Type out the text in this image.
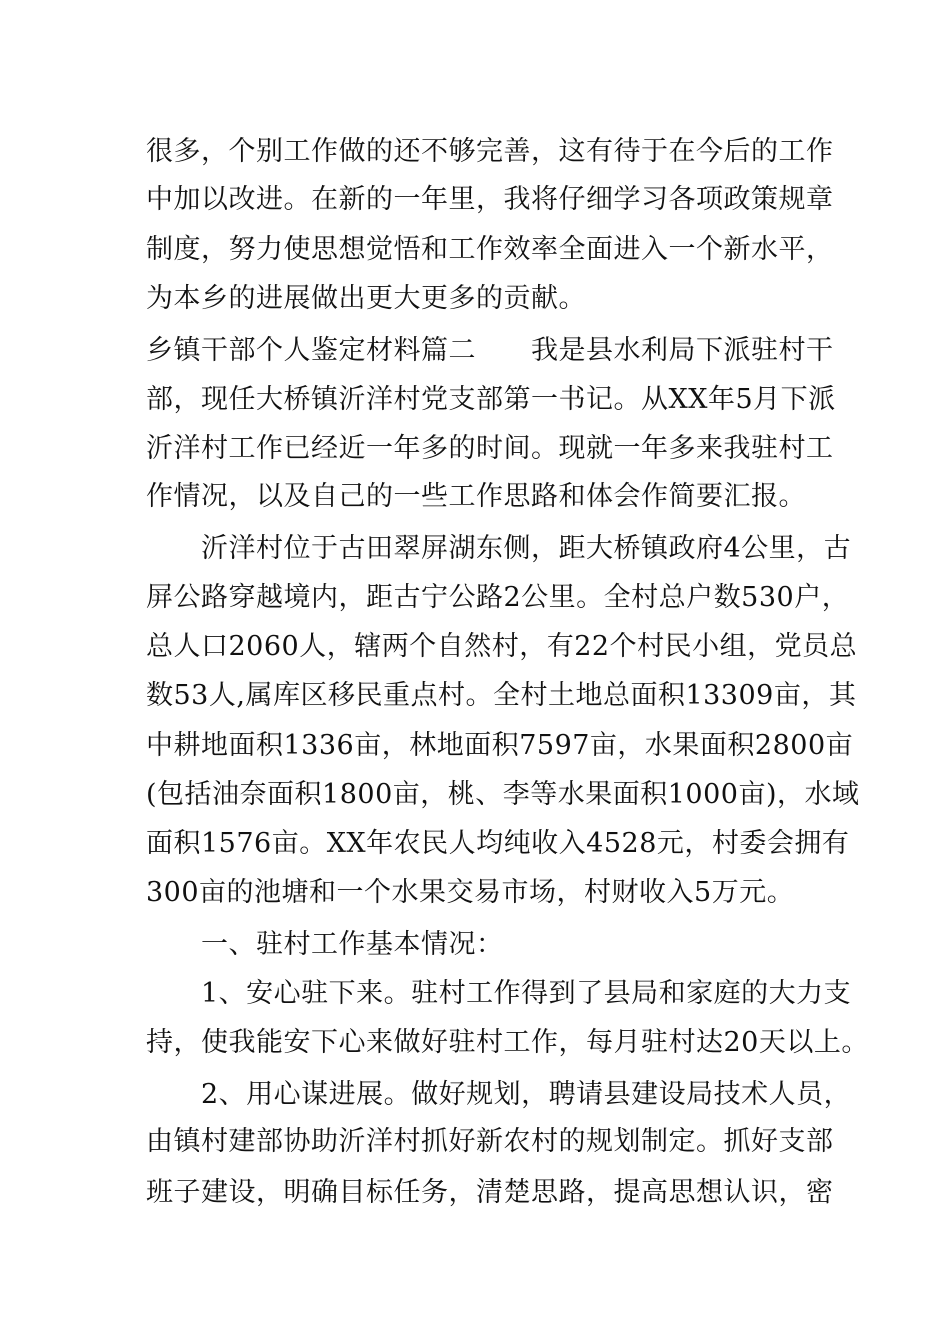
很多，个别工作做的还不够完善，这有待于在今后的工作
中加以改进。在新的一年里，我将仔细学习各项政策规章
制度，努力使思想觉悟和工作效率全面进入一个新水平，
为本乡的进展做出更大更多的贡献。
乡镇干部个人鉴定材料篇二　　我是县水利局下派驻村干
部，现任大桥镇沂洋村党支部第一书记。从XX年5月下派
沂洋村工作已经近一年多的时间。现就一年多来我驻村工
作情况，以及自己的一些工作思路和体会作简要汇报。
沂洋村位于古田翠屏湖东侧，距大桥镇政府4公里，古
屏公路穿越境内，距古宁公路2公里。全村总户数530户，
总人口2060人，辖两个自然村，有22个村民小组，党员总
数53人,属库区移民重点村。全村土地总面积13309亩，其
中耕地面积1336亩，林地面积7597亩，水果面积2800亩
(包括油奈面积1800亩，桃、李等水果面积1000亩)，水域
面积1576亩。XX年农民人均纯收入4528元，村委会拥有
300亩的池塘和一个水果交易市场，村财收入5万元。
一、驻村工作基本情况：
1、安心驻下来。驻村工作得到了县局和家庭的大力支
持，使我能安下心来做好驻村工作，每月驻村达20天以上。
2、用心谋进展。做好规划，聘请县建设局技术人员，
由镇村建部协助沂洋村抓好新农村的规划制定。抓好支部
班子建设，明确目标任务，清楚思路，提高思想认识，密
